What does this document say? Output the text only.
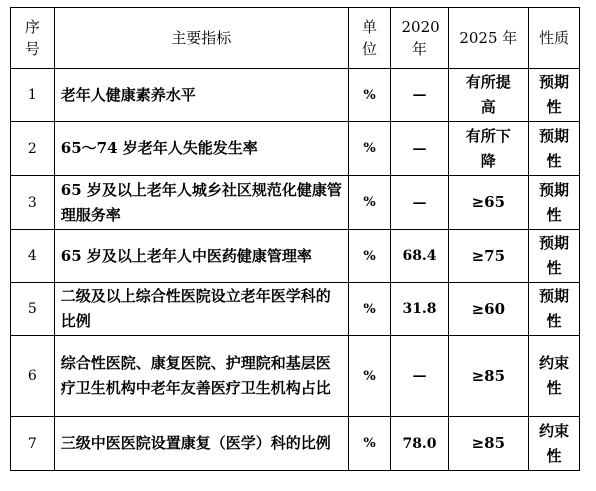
序号	主要指标	单位	2020年	2025 年	性质
1	老年人健康素养水平	%	—	有所提高	预期性

2	65～74 岁老年人失能发生率	%	—	有所下降	预期性

3	65 岁及以上老年人城乡社区规范化健康管理服务率	%	—	≥65	预期性

4	65 岁及以上老年人中医药健康管理率	%	68.4	≥75	预期性

5	二级及以上综合性医院设立老年医学科的比例	%	31.8	≥60	预期性

6	综合性医院、康复医院、护理院和基层医疗卫生机构中老年友善医疗卫生机构占比	%	—	≥85	约束性

7	三级中医医院设置康复（医学）科的比例	%	78.0	≥85	约束性
